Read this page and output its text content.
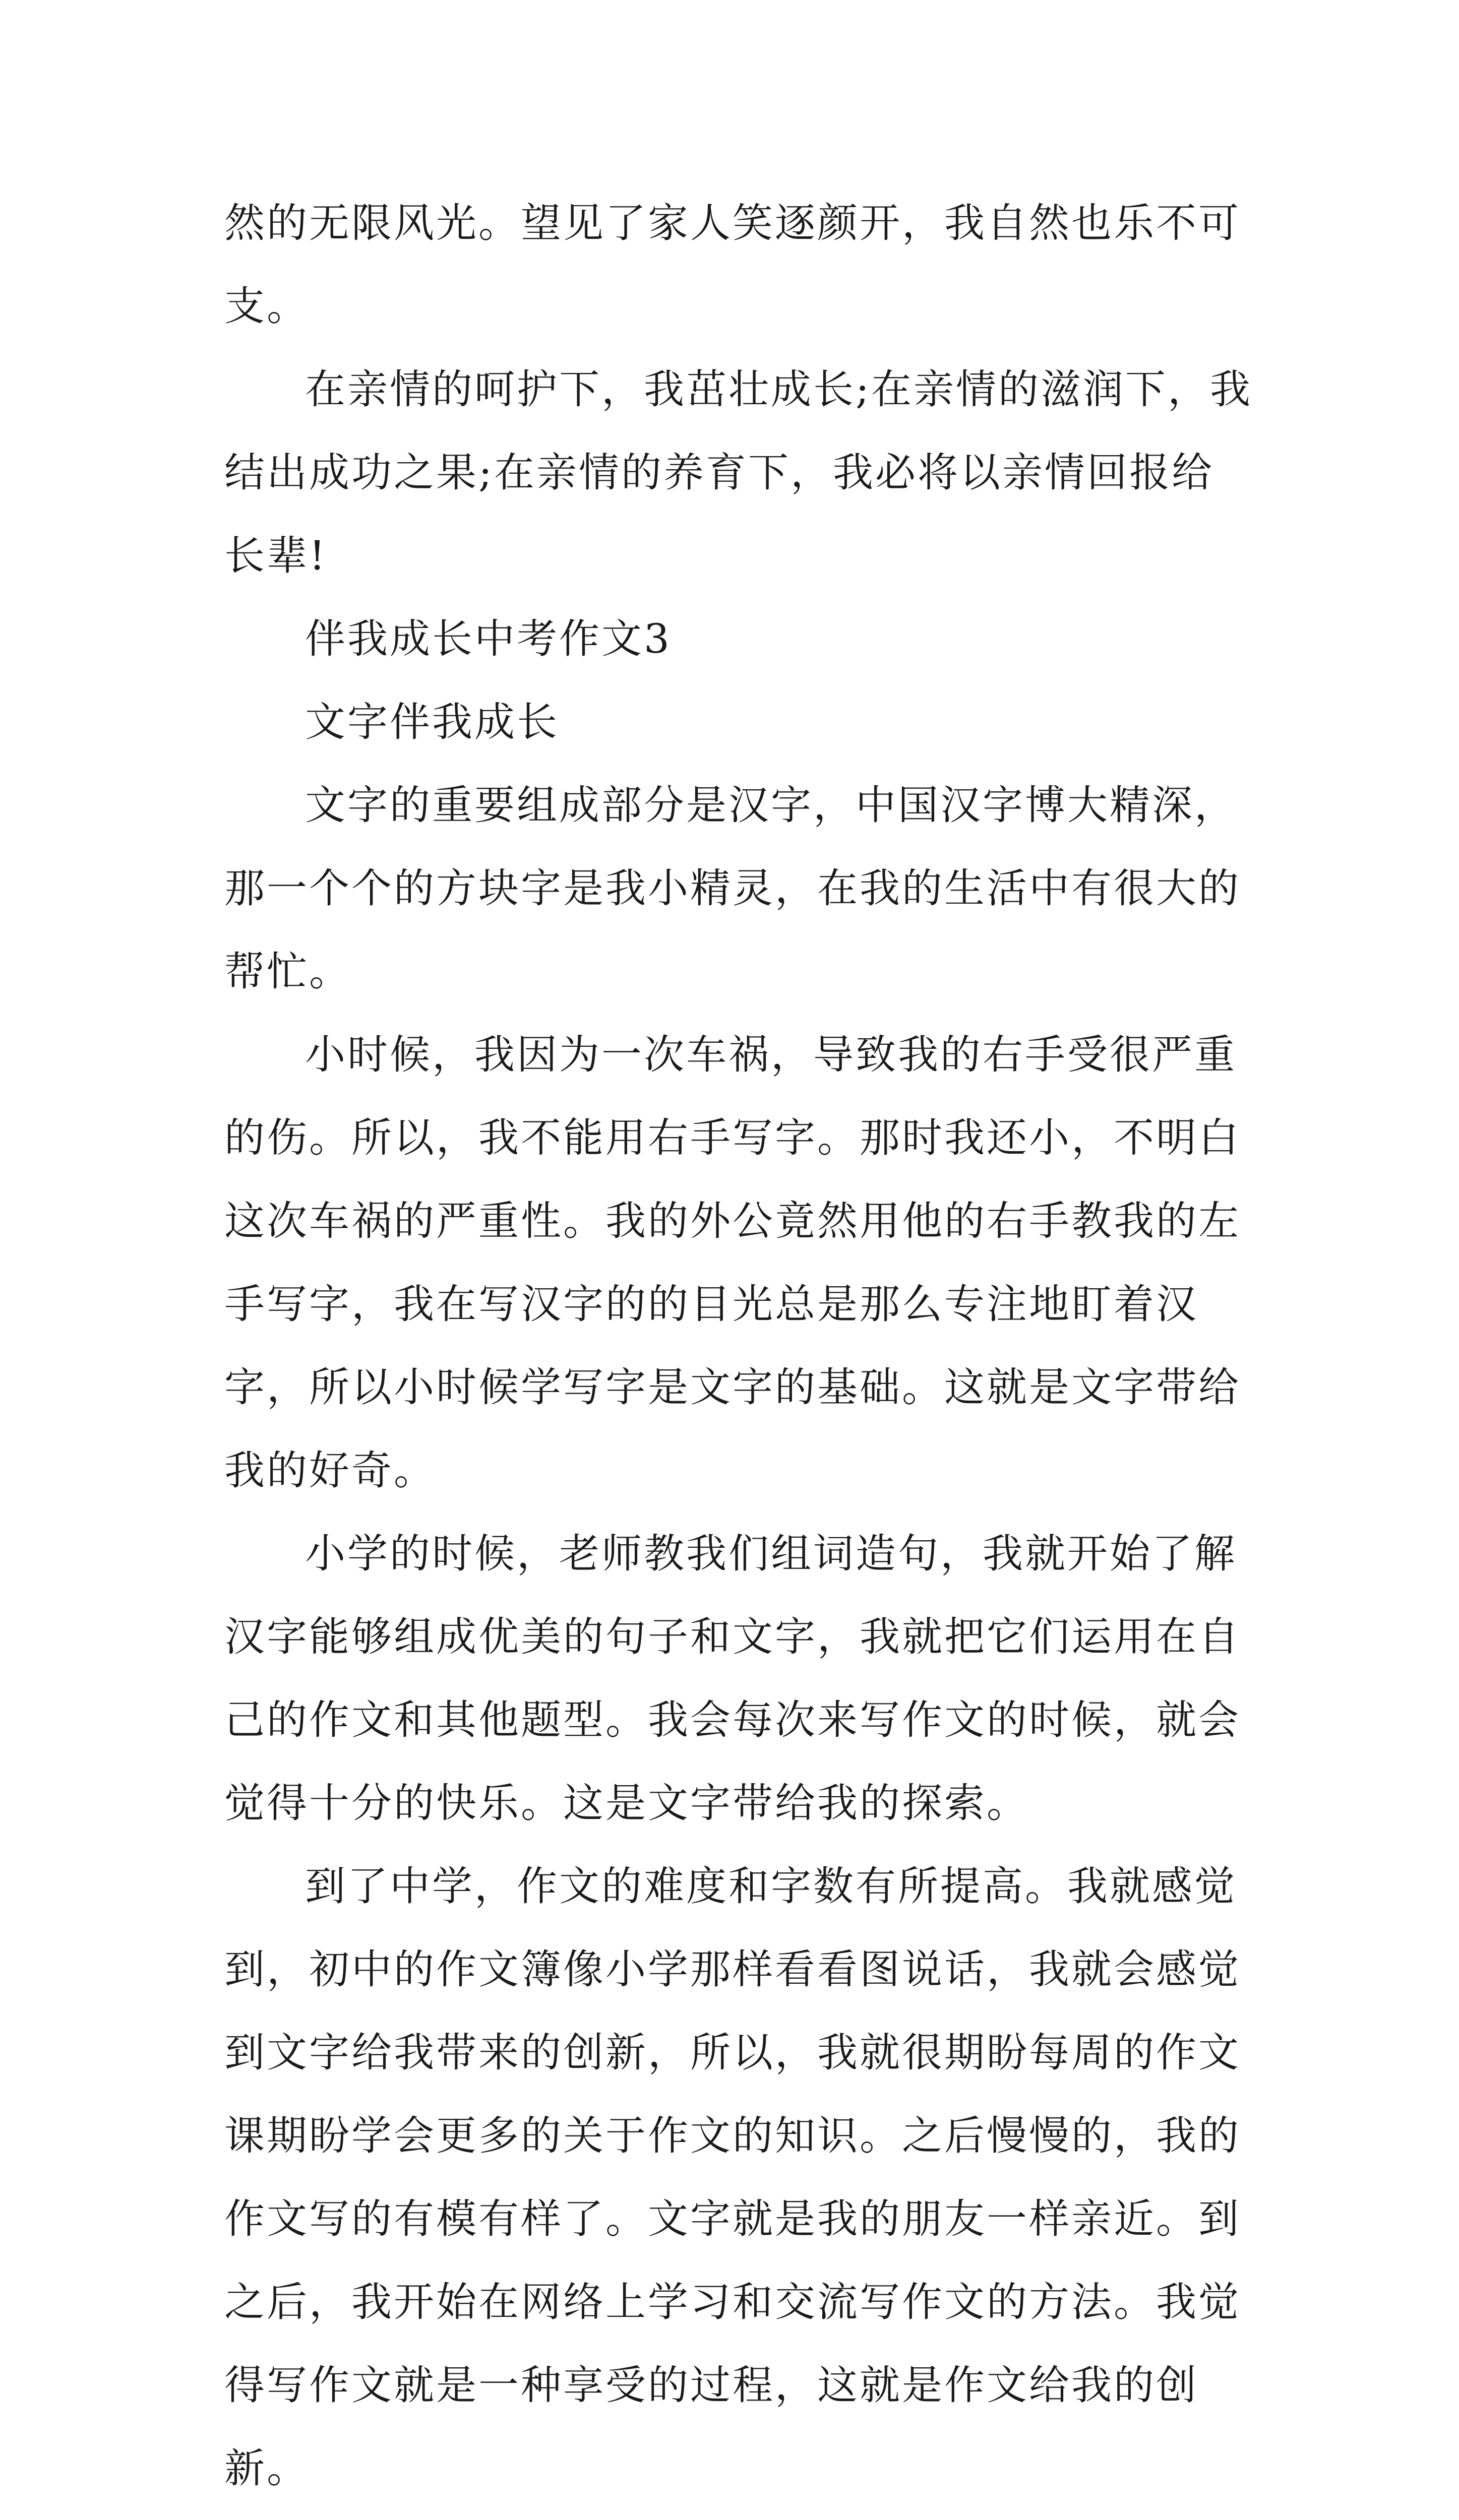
然的无限风光。望见了家人笑逐颜开，我自然也乐不可支。

在亲情的呵护下，我茁壮成长;在亲情的滋润下，我结出成功之果;在亲情的养育下，我必将以亲情回报给长辈!

伴我成长中考作文3

文字伴我成长

文字的重要组成部分是汉字，中国汉字博大精深，那一个个的方块字是我小精灵，在我的生活中有很大的帮忙。

小时候，我因为一次车祸，导致我的右手受很严重的伤。所以，我不能用右手写字。那时我还小，不明白这次车祸的严重性。我的外公竟然用他的右手教我的左手写字，我在写汉字的的目光总是那么专注地盯着汉字，所以小时候学写字是文字的基础。这就是文字带给我的好奇。

小学的时候，老师教我们组词造句，我就开始了解汉字能够组成优美的句子和文字，我就把它们运用在自己的作文和其他题型。我会每次来写作文的时候，就会觉得十分的快乐。这是文字带给我的探索。

到了中学，作文的难度和字数有所提高。我就感觉到，初中的作文簿像小学那样看看图说话，我就会感觉到文字给我带来的创新，所以，我就很期盼每周的作文课期盼学会更多的关于作文的知识。之后慢慢的，我的作文写的有模有样了。文字就是我的朋友一样亲近。到之后，我开始在网络上学习和交流写作文的方法。我觉得写作文就是一种享受的过程，这就是作文给我的创新。
